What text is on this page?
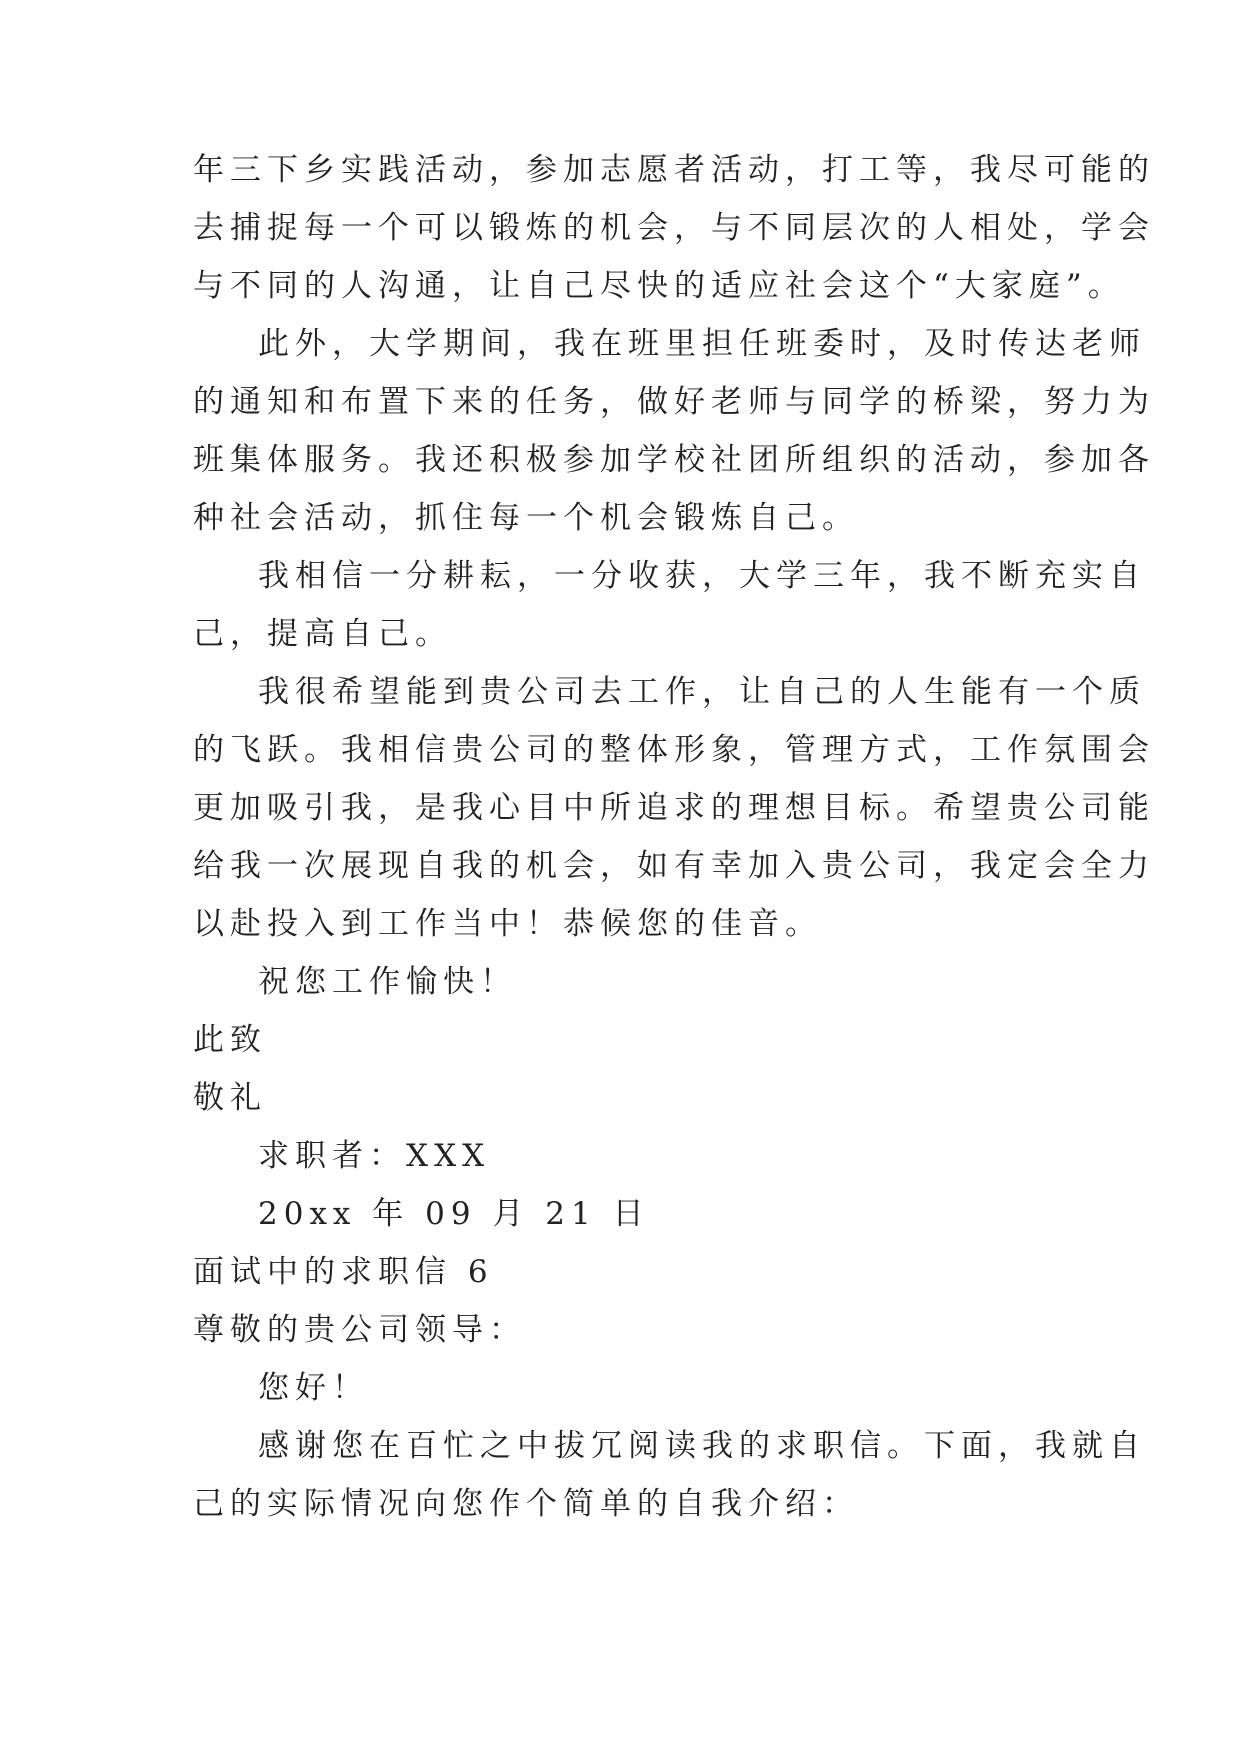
年三下乡实践活动，参加志愿者活动，打工等，我尽可能的
去捕捉每一个可以锻炼的机会，与不同层次的人相处，学会
与不同的人沟通，让自己尽快的适应社会这个“大家庭”。
此外，大学期间，我在班里担任班委时，及时传达老师
的通知和布置下来的任务，做好老师与同学的桥梁，努力为
班集体服务。我还积极参加学校社团所组织的活动，参加各
种社会活动，抓住每一个机会锻炼自己。
我相信一分耕耘，一分收获，大学三年，我不断充实自
己，提高自己。
我很希望能到贵公司去工作，让自己的人生能有一个质
的飞跃。我相信贵公司的整体形象，管理方式，工作氛围会
更加吸引我，是我心目中所追求的理想目标。希望贵公司能
给我一次展现自我的机会，如有幸加入贵公司，我定会全力
以赴投入到工作当中！恭候您的佳音。
祝您工作愉快！
此致
敬礼
求职者：XXX
20xx 年 09 月 21 日
面试中的求职信 6
尊敬的贵公司领导：
您好！
感谢您在百忙之中拔冗阅读我的求职信。下面，我就自
己的实际情况向您作个简单的自我介绍：
